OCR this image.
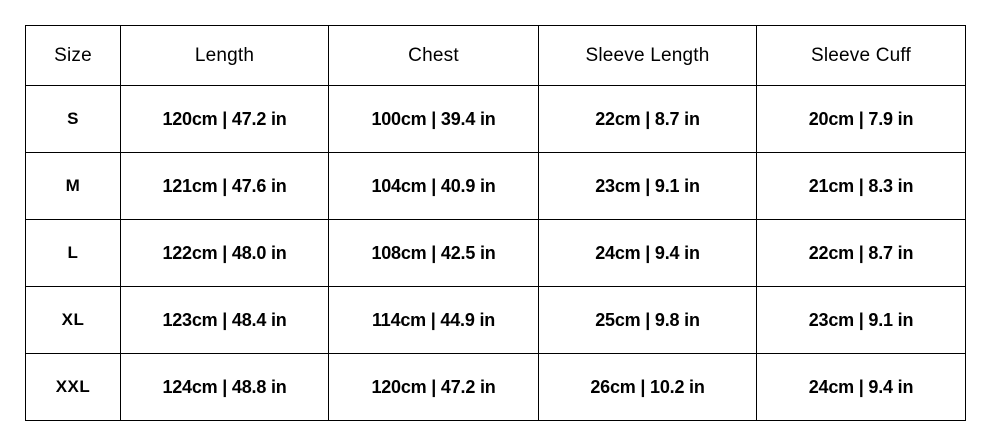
Size	Length	Chest	Sleeve Length	Sleeve Cuff
S	120cm | 47.2 in	100cm | 39.4 in	22cm | 8.7 in	20cm | 7.9 in
M	121cm | 47.6 in	104cm | 40.9 in	23cm | 9.1 in	21cm | 8.3 in
L	122cm | 48.0 in	108cm | 42.5 in	24cm | 9.4 in	22cm | 8.7 in
XL	123cm | 48.4 in	114cm | 44.9 in	25cm | 9.8 in	23cm | 9.1 in
XXL	124cm | 48.8 in	120cm | 47.2 in	26cm | 10.2 in	24cm | 9.4 in
